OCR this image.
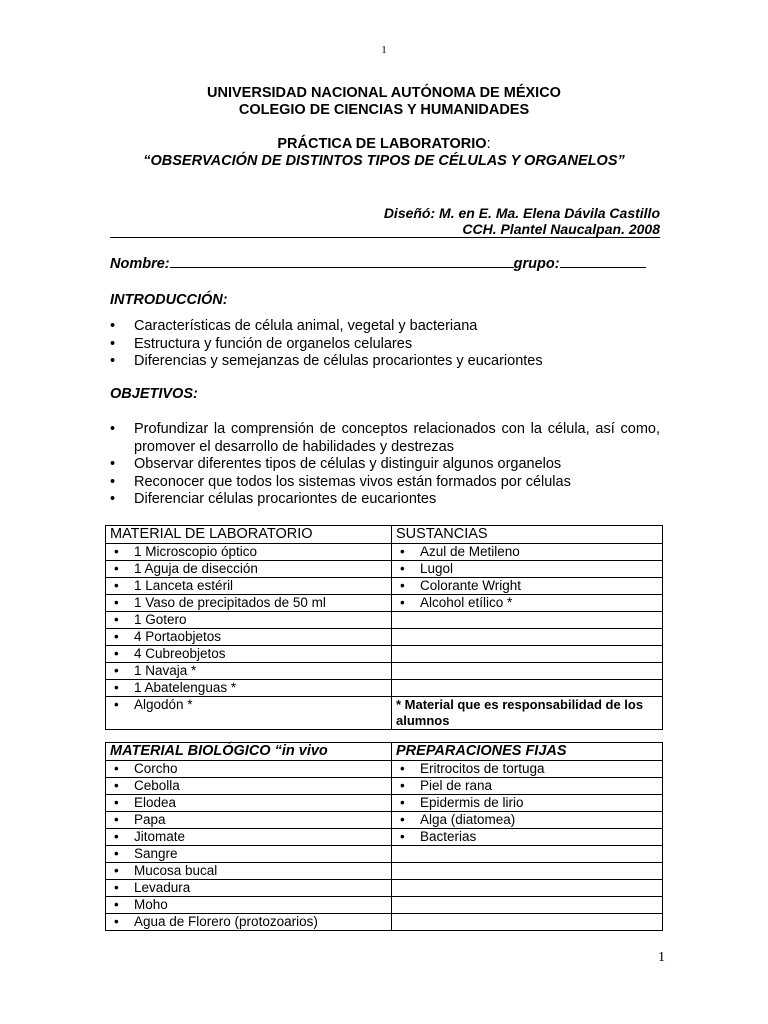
1
UNIVERSIDAD NACIONAL AUTÓNOMA DE MÉXICO
COLEGIO DE CIENCIAS Y HUMANIDADES
PRÁCTICA DE LABORATORIO:
“OBSERVACIÓN DE DISTINTOS TIPOS DE CÉLULAS Y ORGANELOS”
Diseñó: M. en E. Ma. Elena Dávila Castillo
CCH. Plantel Naucalpan. 2008
Nombre:	grupo:
INTRODUCCIÓN:
• Características de célula animal, vegetal y bacteriana
• Estructura y función de organelos celulares
• Diferencias y semejanzas de células procariontes y eucariontes
OBJETIVOS:
• Profundizar la comprensión de conceptos relacionados con la célula, así como, promover el desarrollo de habilidades y destrezas
• Observar diferentes tipos de células y distinguir algunos organelos
• Reconocer que todos los sistemas vivos están formados por células
• Diferenciar células procariontes de eucariontes
MATERIAL DE LABORATORIO	SUSTANCIAS

• 1 Microscopio óptico	• Azul de Metileno

• 1 Aguja de disección	• Lugol

• 1 Lanceta estéril	• Colorante Wright

• 1 Vaso de precipitados de 50 ml	• Alcohol etílico *

• 1 Gotero

• 4 Portaobjetos

• 4 Cubreobjetos

• 1 Navaja *

• 1 Abatelenguas *

• Algodón *	* Material que es responsabilidad de los alumnos
MATERIAL BIOLÓGICO “in vivo	PREPARACIONES FIJAS

• Corcho	• Eritrocitos de tortuga

• Cebolla	• Piel de rana

• Elodea	• Epidermis de lirio

• Papa	• Alga (diatomea)

• Jitomate	• Bacterias

• Sangre

• Mucosa bucal

• Levadura

• Moho

• Agua de Florero (protozoarios)

1
